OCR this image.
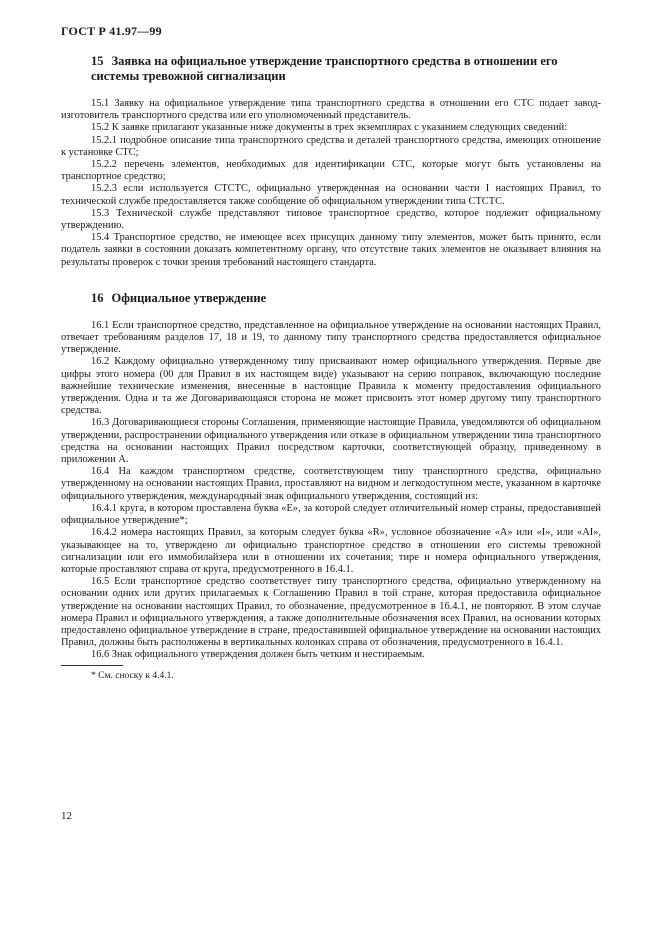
ГОСТ Р 41.97—99
15 Заявка на официальное утверждение транспортного средства в отношении его системы тревожной сигнализации

15.1 Заявку на официальное утверждение типа транспортного средства в отношении его СТС подает завод-изготовитель транспортного средства или его уполномоченный представитель.

15.2 К заявке прилагают указанные ниже документы в трех экземплярах с указанием следующих сведений:

15.2.1 подробное описание типа транспортного средства и деталей транспортного средства, имеющих отношение к установке СТС;

15.2.2 перечень элементов, необходимых для идентификации СТС, которые могут быть установлены на транспортное средство;

15.2.3 если используется СТСТС, официально утвержденная на основании части I настоящих Правил, то технической службе предоставляется также сообщение об официальном утверждении типа СТСТС.

15.3 Технической службе представляют типовое транспортное средство, которое подлежит официальному утверждению.

15.4 Транспортное средство, не имеющее всех присущих данному типу элементов, может быть принято, если податель заявки в состоянии доказать компетентному органу, что отсутствие таких элементов не оказывает влияния на результаты проверок с точки зрения требований настоящего стандарта.

16 Официальное утверждение

16.1 Если транспортное средство, представленное на официальное утверждение на основании настоящих Правил, отвечает требованиям разделов 17, 18 и 19, то данному типу транспортного средства предоставляется официальное утверждение.

16.2 Каждому официально утвержденному типу присваивают номер официального утверждения. Первые две цифры этого номера (00 для Правил в их настоящем виде) указывают на серию поправок, включающую последние важнейшие технические изменения, внесенные в настоящие Правила к моменту предоставления официального утверждения. Одна и та же Договаривающаяся сторона не может присвоить этот номер другому типу транспортного средства.

16.3 Договаривающиеся стороны Соглашения, применяющие настоящие Правила, уведомляются об официальном утверждении, распространении официального утверждения или отказе в официальном утверждении типа транспортного средства на основании настоящих Правил посредством карточки, соответствующей образцу, приведенному в приложении А.

16.4 На каждом транспортном средстве, соответствующем типу транспортного средства, официально утвержденному на основании настоящих Правил, проставляют на видном и легкодоступном месте, указанном в карточке официального утверждения, международный знак официального утверждения, состоящий из:

16.4.1 круга, в котором проставлена буква «Е», за которой следует отличительный номер страны, предоставившей официальное утверждение*;

16.4.2 номера настоящих Правил, за которым следует буква «R», условное обозначение «А» или «I», или «AI», указывающее на то, утверждено ли официально транспортное средство в отношении его системы тревожной сигнализации или его иммобилайзера или в отношении их сочетания; тире и номера официального утверждения, которые проставляют справа от круга, предусмотренного в 16.4.1.

16.5 Если транспортное средство соответствует типу транспортного средства, официально утвержденному на основании одних или других прилагаемых к Соглашению Правил в той стране, которая предоставила официальное утверждение на основании настоящих Правил, то обозначение, предусмотренное в 16.4.1, не повторяют. В этом случае номера Правил и официального утверждения, а также дополнительные обозначения всех Правил, на основании которых предоставлено официальное утверждение в стране, предоставившей официальное утверждение на основании настоящих Правил, должны быть расположены в вертикальных колонках справа от обозначения, предусмотренного в 16.4.1.

16.6 Знак официального утверждения должен быть четким и нестираемым.

* См. сноску к 4.4.1.
12
